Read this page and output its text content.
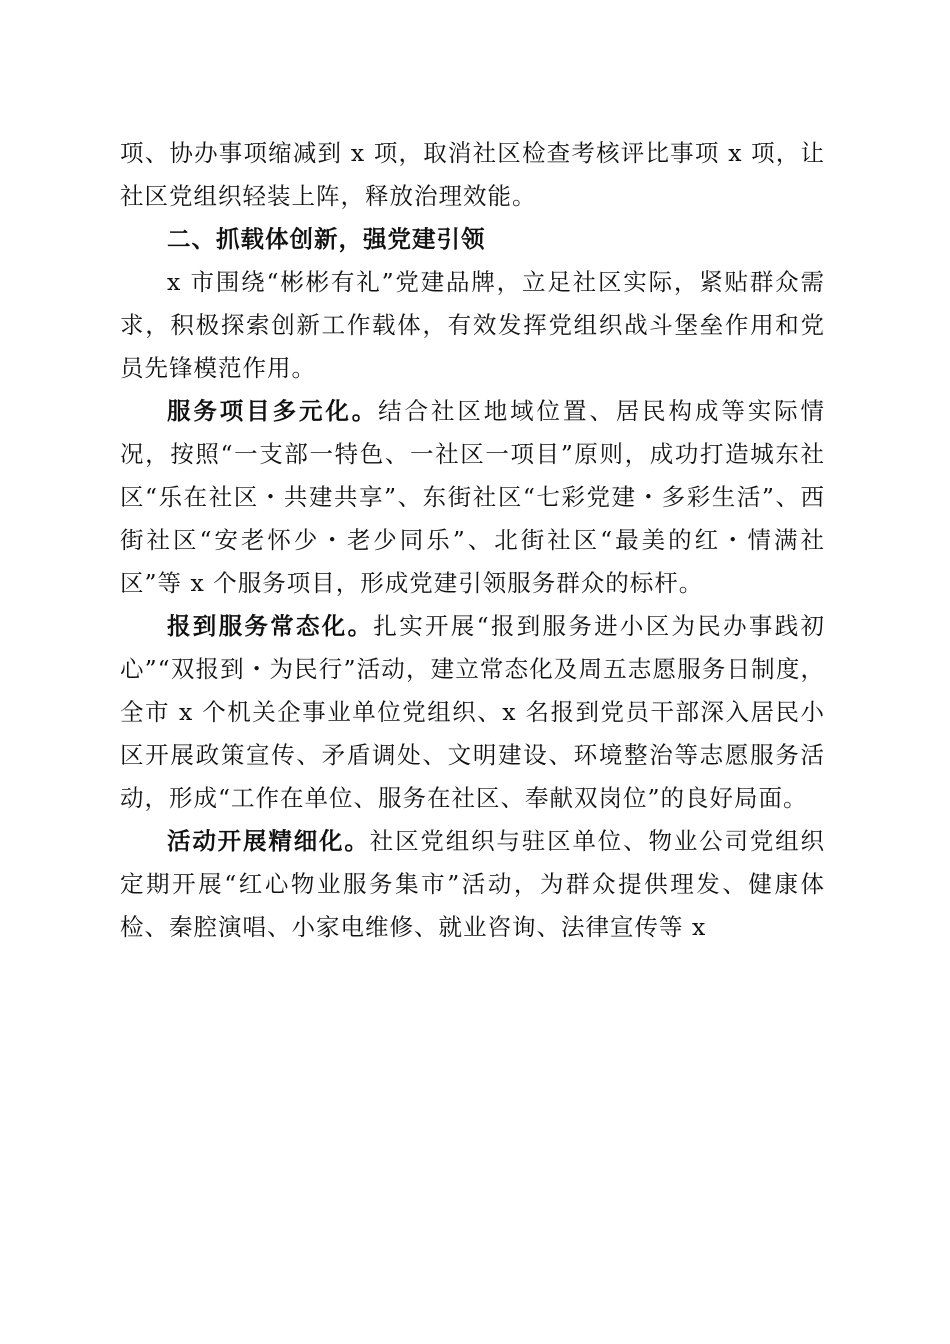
项、协办事项缩减到 x 项，取消社区检查考核评比事项 x 项，让社区党组织轻装上阵，释放治理效能。

二、抓载体创新，强党建引领

x 市围绕“彬彬有礼”党建品牌，立足社区实际，紧贴群众需求，积极探索创新工作载体，有效发挥党组织战斗堡垒作用和党员先锋模范作用。

服务项目多元化。结合社区地域位置、居民构成等实际情况，按照“一支部一特色、一社区一项目”原则，成功打造城东社区“乐在社区・共建共享”、东街社区“七彩党建・多彩生活”、西街社区“安老怀少・老少同乐”、北街社区“最美的红・情满社区”等 x 个服务项目，形成党建引领服务群众的标杆。

报到服务常态化。扎实开展“报到服务进小区为民办事践初心”“双报到・为民行”活动，建立常态化及周五志愿服务日制度，全市 x 个机关企事业单位党组织、x 名报到党员干部深入居民小区开展政策宣传、矛盾调处、文明建设、环境整治等志愿服务活动，形成“工作在单位、服务在社区、奉献双岗位”的良好局面。

活动开展精细化。社区党组织与驻区单位、物业公司党组织定期开展“红心物业服务集市”活动，为群众提供理发、健康体检、秦腔演唱、小家电维修、就业咨询、法律宣传等 x
